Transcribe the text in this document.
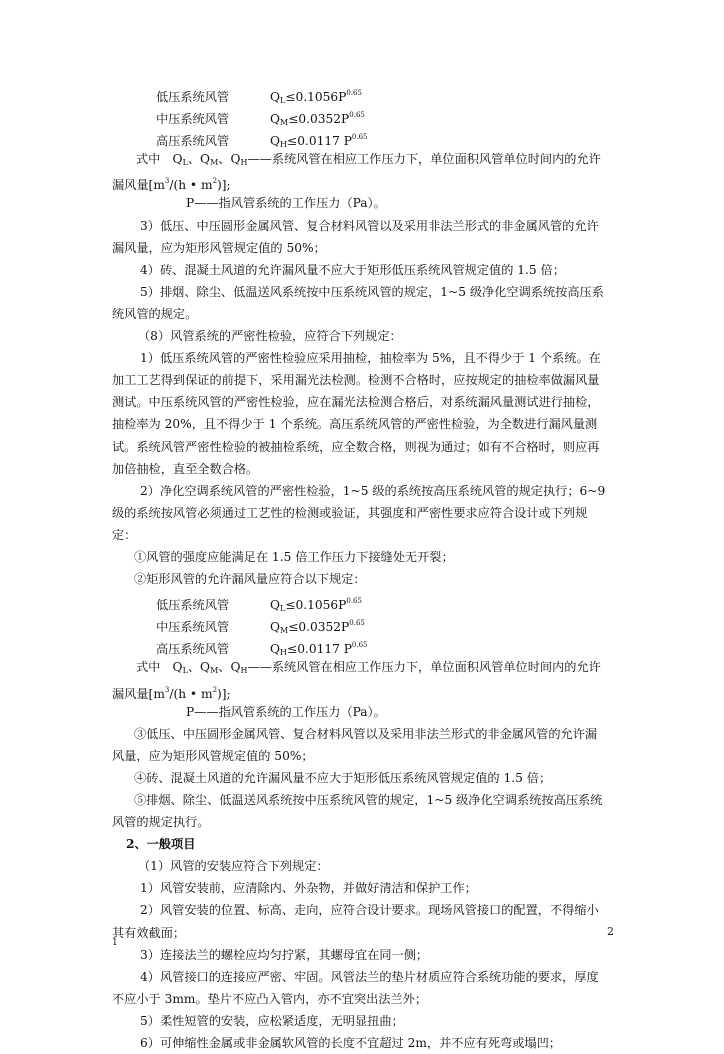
低压系统风管	$Q_L\le 0.1056P^{0.65}$
中压系统风管	$Q_M\le 0.0352P^{0.65}$
高压系统风管	$Q_H\le 0.0117$ $P^{0.65}$
式中　$Q_L$、$Q_M$、$Q_H——$系统风管在相应工作压力下，单位面积风管单位时间内的允许
漏风量[$m^3/(h$ • $m^2$)];
P——指风管系统的工作压力（Pa）。
3）低压、中压圆形金属风管、复合材料风管以及采用非法兰形式的非金属风管的允许
漏风量，应为矩形风管规定值的 50%；
4）砖、混凝土风道的允许漏风量不应大于矩形低压系统风管规定值的 1.5 倍；
5）排烟、除尘、低温送风系统按中压系统风管的规定，1~5 级净化空调系统按高压系
统风管的规定。
（8）风管系统的严密性检验，应符合下列规定：
1）低压系统风管的严密性检验应采用抽检，抽检率为 5%，且不得少于 1 个系统。在
加工工艺得到保证的前提下，采用漏光法检测。检测不合格时，应按规定的抽检率做漏风量
测试。中压系统风管的严密性检验，应在漏光法检测合格后，对系统漏风量测试进行抽检，
抽检率为 20%，且不得少于 1 个系统。高压系统风管的严密性检验，为全数进行漏风量测
试。系统风管严密性检验的被抽检系统，应全数合格，则视为通过；如有不合格时，则应再
加倍抽检，直至全数合格。
2）净化空调系统风管的严密性检验，1~5 级的系统按高压系统风管的规定执行；6~9
级的系统按风管必须通过工艺性的检测或验证，其强度和严密性要求应符合设计或下列规
定：
①风管的强度应能满足在 1.5 倍工作压力下接缝处无开裂；
②矩形风管的允许漏风量应符合以下规定：
低压系统风管	$Q_L\le 0.1056P^{0.65}$
中压系统风管	$Q_M\le 0.0352P^{0.65}$
高压系统风管	$Q_H\le 0.0117$ $P^{0.65}$
式中　$Q_L$、$Q_M$、$Q_H——$系统风管在相应工作压力下，单位面积风管单位时间内的允许
漏风量[$m^3/(h$ • $m^2$)];
P——指风管系统的工作压力（Pa）。
③低压、中压圆形金属风管、复合材料风管以及采用非法兰形式的非金属风管的允许漏
风量，应为矩形风管规定值的 50%；
④砖、混凝土风道的允许漏风量不应大于矩形低压系统风管规定值的 1.5 倍；
⑤排烟、除尘、低温送风系统按中压系统风管的规定，1~5 级净化空调系统按高压系统
风管的规定执行。
2、一般项目
（1）风管的安装应符合下列规定：
1）风管安装前，应清除内、外杂物，并做好清洁和保护工作；
2）风管安装的位置、标高、走向，应符合设计要求。现场风管接口的配置，不得缩小
其有效截面；
3）连接法兰的螺栓应均匀拧紧，其螺母宜在同一侧；
4）风管接口的连接应严密、牢固。风管法兰的垫片材质应符合系统功能的要求，厚度
不应小于 3mm。垫片不应凸入管内，亦不宜突出法兰外；
5）柔性短管的安装，应松紧适度，无明显扭曲；
6）可伸缩性金属或非金属软风管的长度不宜超过 2m，并不应有死弯或塌凹；
2
1
